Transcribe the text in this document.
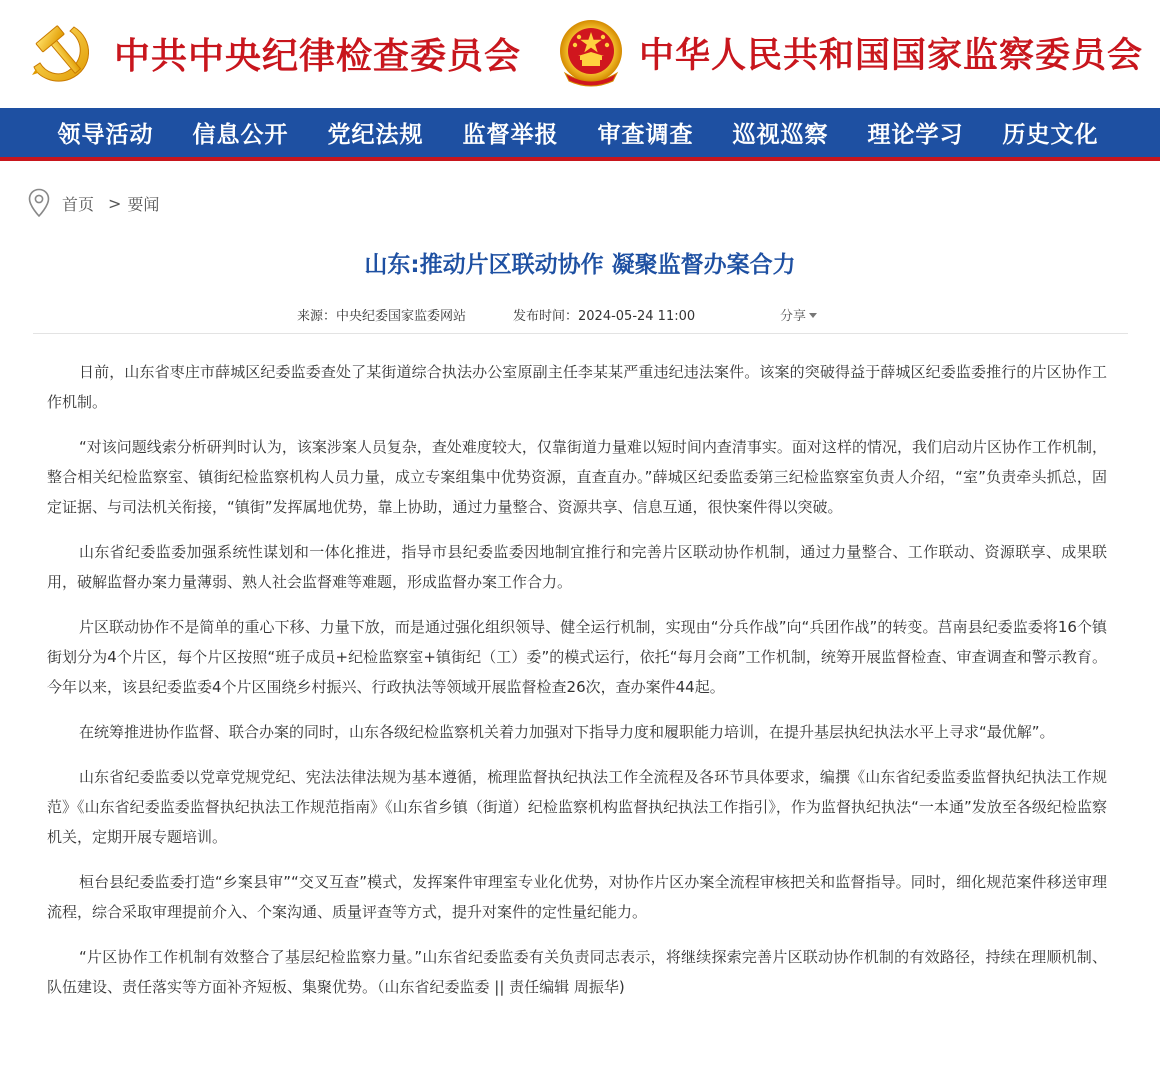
中共中央纪律检查委员会	中华人民共和国国家监察委员会
领导活动	信息公开	党纪法规	监督举报	审查调查	巡视巡察	理论学习	历史文化
首页 > 要闻
山东:推动片区联动协作 凝聚监督办案合力
来源：中央纪委国家监委网站	发布时间：2024-05-24 11:00	分享

日前，山东省枣庄市薛城区纪委监委查处了某街道综合执法办公室原副主任李某某严重违纪违法案件。该案的突破得益于薛城区纪委监委推行的片区协作工作机制。

“对该问题线索分析研判时认为，该案涉案人员复杂，查处难度较大，仅靠街道力量难以短时间内查清事实。面对这样的情况，我们启动片区协作工作机制，整合相关纪检监察室、镇街纪检监察机构人员力量，成立专案组集中优势资源，直查直办。”薛城区纪委监委第三纪检监察室负责人介绍，“室”负责牵头抓总，固定证据、与司法机关衔接，“镇街”发挥属地优势，靠上协助，通过力量整合、资源共享、信息互通，很快案件得以突破。

山东省纪委监委加强系统性谋划和一体化推进，指导市县纪委监委因地制宜推行和完善片区联动协作机制，通过力量整合、工作联动、资源联享、成果联用，破解监督办案力量薄弱、熟人社会监督难等难题，形成监督办案工作合力。

片区联动协作不是简单的重心下移、力量下放，而是通过强化组织领导、健全运行机制，实现由“分兵作战”向“兵团作战”的转变。莒南县纪委监委将16个镇街划分为4个片区，每个片区按照“班子成员+纪检监察室+镇街纪（工）委”的模式运行，依托“每月会商”工作机制，统筹开展监督检查、审查调查和警示教育。今年以来，该县纪委监委4个片区围绕乡村振兴、行政执法等领域开展监督检查26次，查办案件44起。

在统筹推进协作监督、联合办案的同时，山东各级纪检监察机关着力加强对下指导力度和履职能力培训，在提升基层执纪执法水平上寻求“最优解”。

山东省纪委监委以党章党规党纪、宪法法律法规为基本遵循，梳理监督执纪执法工作全流程及各环节具体要求，编撰《山东省纪委监委监督执纪执法工作规范》《山东省纪委监委监督执纪执法工作规范指南》《山东省乡镇（街道）纪检监察机构监督执纪执法工作指引》，作为监督执纪执法“一本通”发放至各级纪检监察机关，定期开展专题培训。

桓台县纪委监委打造“乡案县审”“交叉互查”模式，发挥案件审理室专业化优势，对协作片区办案全流程审核把关和监督指导。同时，细化规范案件移送审理流程，综合采取审理提前介入、个案沟通、质量评查等方式，提升对案件的定性量纪能力。

“片区协作工作机制有效整合了基层纪检监察力量。”山东省纪委监委有关负责同志表示，将继续探索完善片区联动协作机制的有效路径，持续在理顺机制、队伍建设、责任落实等方面补齐短板、集聚优势。（山东省纪委监委 || 责任编辑 周振华)
